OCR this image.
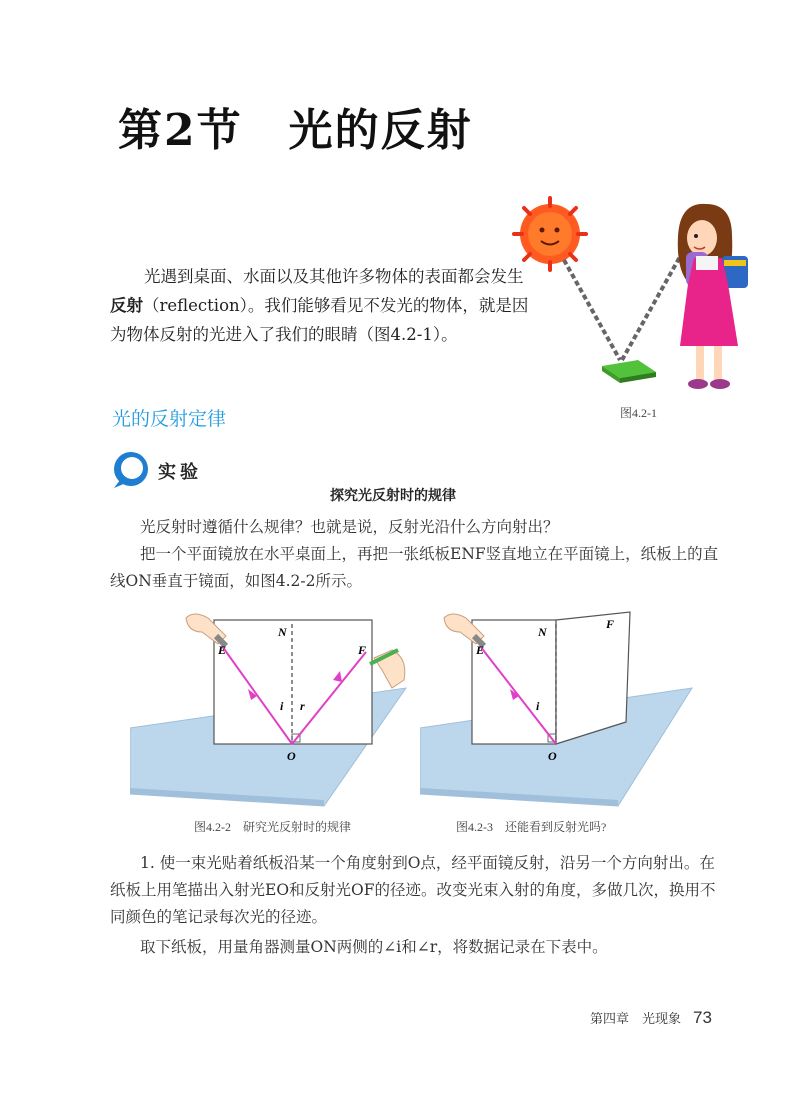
第2节 光的反射
光遇到桌面、水面以及其他许多物体的表面都会发生反射（reflection）。我们能够看见不发光的物体，就是因为物体反射的光进入了我们的眼睛（图4.2-1）。
图4.2-1
光的反射定律
实验
探究光反射时的规律
光反射时遵循什么规律？也就是说，反射光沿什么方向射出？
把一个平面镜放在水平桌面上，再把一张纸板ENF竖直地立在平面镜上，纸板上的直线ON垂直于镜面，如图4.2-2所示。
N
E	F
O
i r
图4.2-2　研究光反射时的规律
N
F
E
O
i
图4.2-3　还能看到反射光吗?
1. 使一束光贴着纸板沿某一个角度射到O点，经平面镜反射，沿另一个方向射出。在纸板上用笔描出入射光EO和反射光OF的径迹。改变光束入射的角度，多做几次，换用不同颜色的笔记录每次光的径迹。
取下纸板，用量角器测量ON两侧的∠i和∠r，将数据记录在下表中。
第四章　光现象 73
